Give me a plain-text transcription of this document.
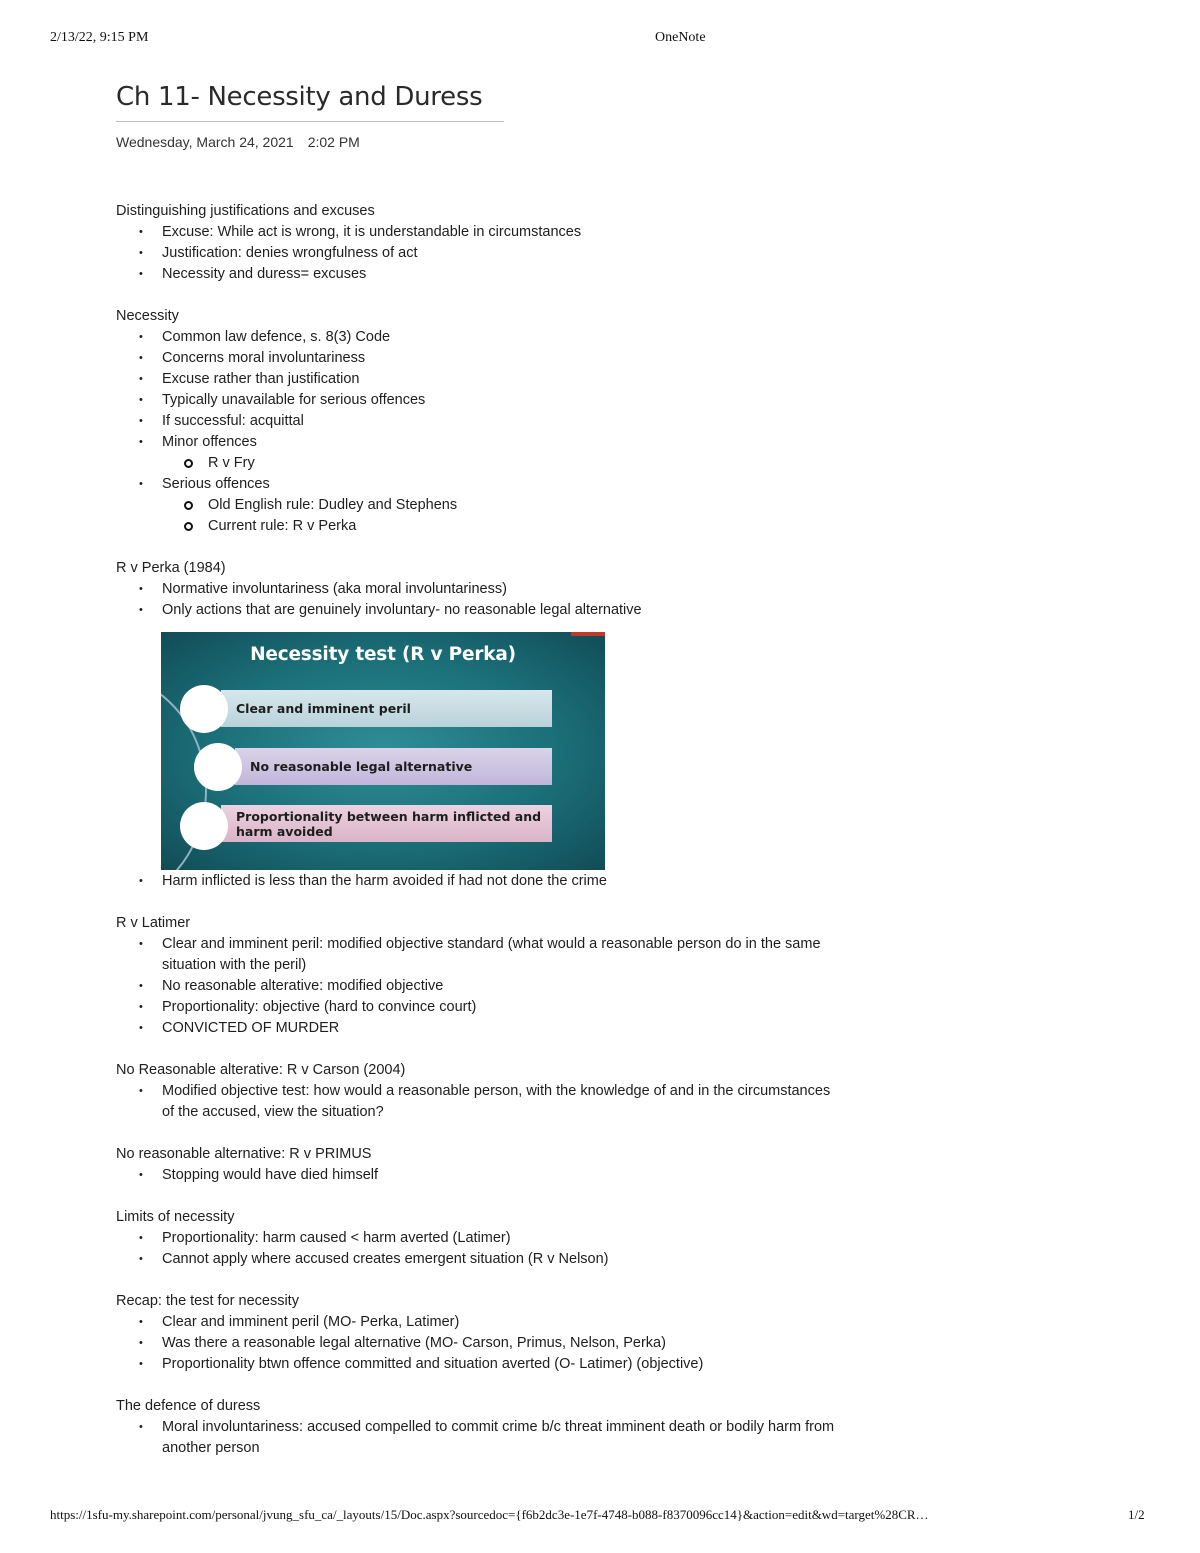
2/13/22, 9:15 PM	OneNote
Ch 11- Necessity and Duress
Wednesday, March 24, 2021 2:02 PM

Distinguishing justifications and excuses

• Excuse: While act is wrong, it is understandable in circumstances
• Justification: denies wrongfulness of act
• Necessity and duress= excuses

Necessity

• Common law defence, s. 8(3) Code
• Concerns moral involuntariness
• Excuse rather than justification
• Typically unavailable for serious offences
• If successful: acquittal
• Minor offences
R v Fry
• Serious offences
Old English rule: Dudley and Stephens
Current rule: R v Perka

R v Perka (1984)

• Normative involuntariness (aka moral involuntariness)
• Only actions that are genuinely involuntary- no reasonable legal alternative
Necessity test (R v Perka)
Clear and imminent peril
No reasonable legal alternative
Proportionality between harm inflicted and harm avoided
• Harm inflicted is less than the harm avoided if had not done the crime

R v Latimer

• Clear and imminent peril: modified objective standard (what would a reasonable person do in the same situation with the peril)
• No reasonable alterative: modified objective
• Proportionality: objective (hard to convince court)
• CONVICTED OF MURDER

No Reasonable alterative: R v Carson (2004)

• Modified objective test: how would a reasonable person, with the knowledge of and in the circumstances of the accused, view the situation?

No reasonable alternative: R v PRIMUS

• Stopping would have died himself

Limits of necessity

• Proportionality: harm caused < harm averted (Latimer)
• Cannot apply where accused creates emergent situation (R v Nelson)

Recap: the test for necessity

• Clear and imminent peril (MO- Perka, Latimer)
• Was there a reasonable legal alternative (MO- Carson, Primus, Nelson, Perka)
• Proportionality btwn offence committed and situation averted (O- Latimer) (objective)

The defence of duress

• Moral involuntariness: accused compelled to commit crime b/c threat imminent death or bodily harm from another person
https://1sfu-my.sharepoint.com/personal/jvung_sfu_ca/_layouts/15/Doc.aspx?sourcedoc={f6b2dc3e-1e7f-4748-b088-f8370096cc14}&action=edit&wd=target%28CR…	1/2
